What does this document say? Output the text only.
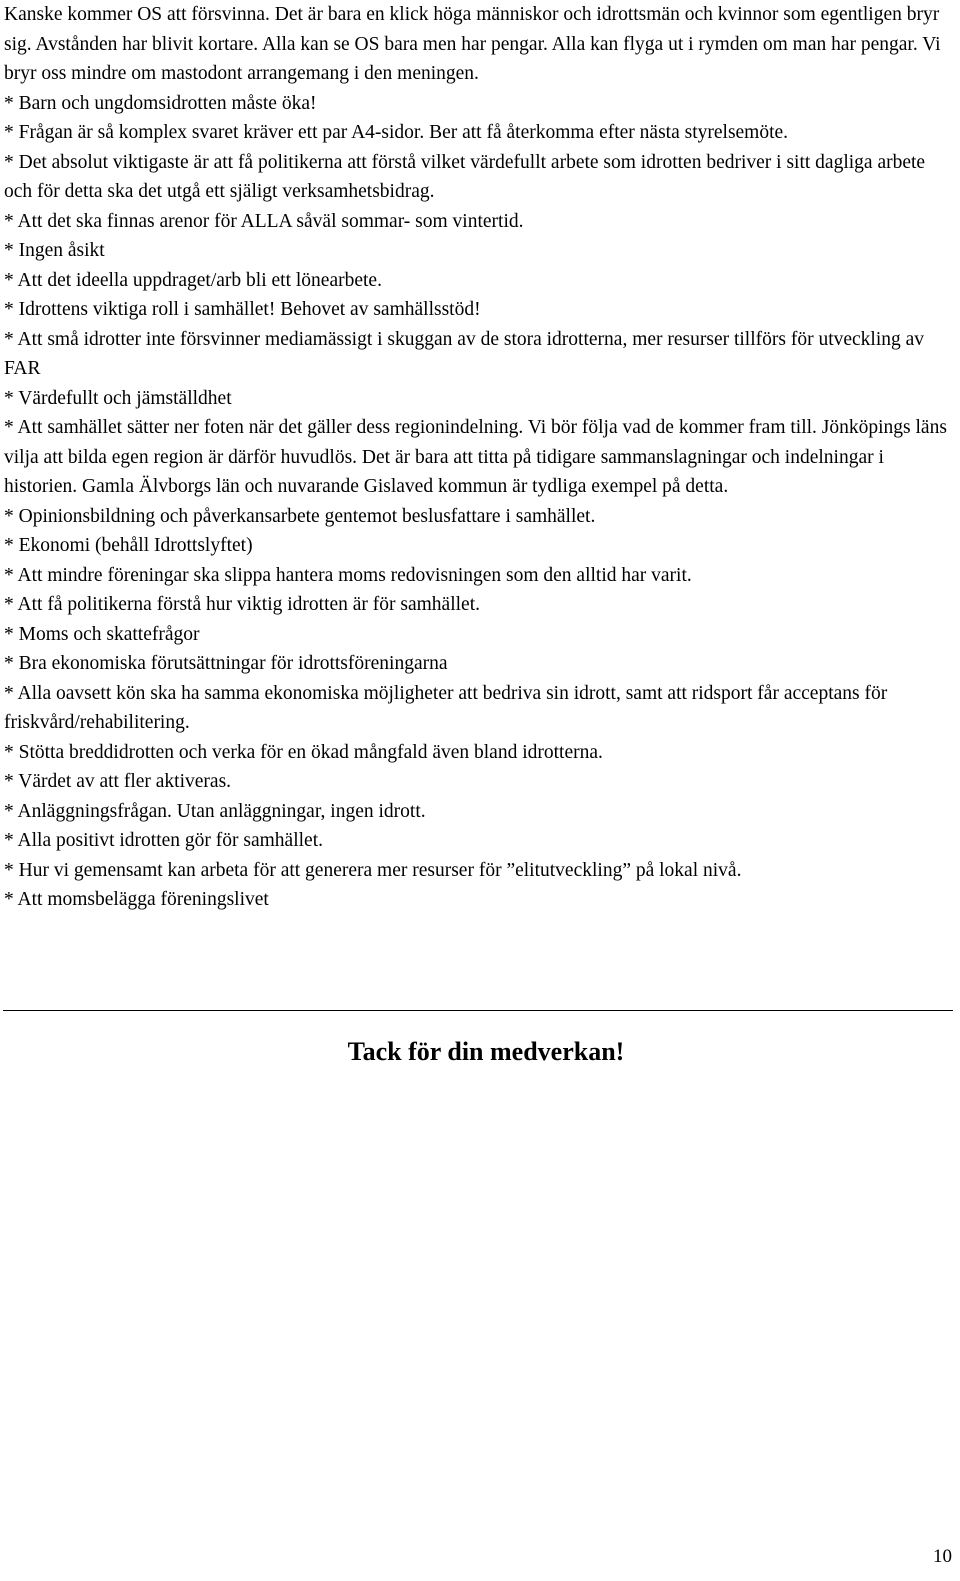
Kanske kommer OS att försvinna. Det är bara en klick höga människor och idrottsmän och kvinnor som egentligen bryr sig. Avstånden har blivit kortare. Alla kan se OS bara men har pengar. Alla kan flyga ut i rymden om man har pengar. Vi bryr oss mindre om mastodont arrangemang i den meningen.

* Barn och ungdomsidrotten måste öka!

* Frågan är så komplex svaret kräver ett par A4-sidor. Ber att få återkomma efter nästa styrelsemöte.

* Det absolut viktigaste är att få politikerna att förstå vilket värdefullt arbete som idrotten bedriver i sitt dagliga arbete och för detta ska det utgå ett själigt verksamhetsbidrag.

* Att det ska finnas arenor för ALLA såväl sommar- som vintertid.

* Ingen åsikt

* Att det ideella uppdraget/arb bli ett lönearbete.

* Idrottens viktiga roll i samhället! Behovet av samhällsstöd!

* Att små idrotter inte försvinner mediamässigt i skuggan av de stora idrotterna, mer resurser tillförs för utveckling av FAR

* Värdefullt och jämställdhet

* Att samhället sätter ner foten när det gäller dess regionindelning. Vi bör följa vad de kommer fram till. Jönköpings läns vilja att bilda egen region är därför huvudlös. Det är bara att titta på tidigare sammanslagningar och indelningar i historien. Gamla Älvborgs län och nuvarande Gislaved kommun är tydliga exempel på detta.

* Opinionsbildning och påverkansarbete gentemot beslusfattare i samhället.

* Ekonomi (behåll Idrottslyftet)

* Att mindre föreningar ska slippa hantera moms redovisningen som den alltid har varit.

* Att få politikerna förstå hur viktig idrotten är för samhället.

* Moms och skattefrågor

* Bra ekonomiska förutsättningar för idrottsföreningarna

* Alla oavsett kön ska ha samma ekonomiska möjligheter att bedriva sin idrott, samt att ridsport får acceptans för friskvård/rehabilitering.

* Stötta breddidrotten och verka för en ökad mångfald även bland idrotterna.

* Värdet av att fler aktiveras.

* Anläggningsfrågan. Utan anläggningar, ingen idrott.

* Alla positivt idrotten gör för samhället.

* Hur vi gemensamt kan arbeta för att generera mer resurser för ”elitutveckling” på lokal nivå.

* Att momsbelägga föreningslivet

Tack för din medverkan!

10
